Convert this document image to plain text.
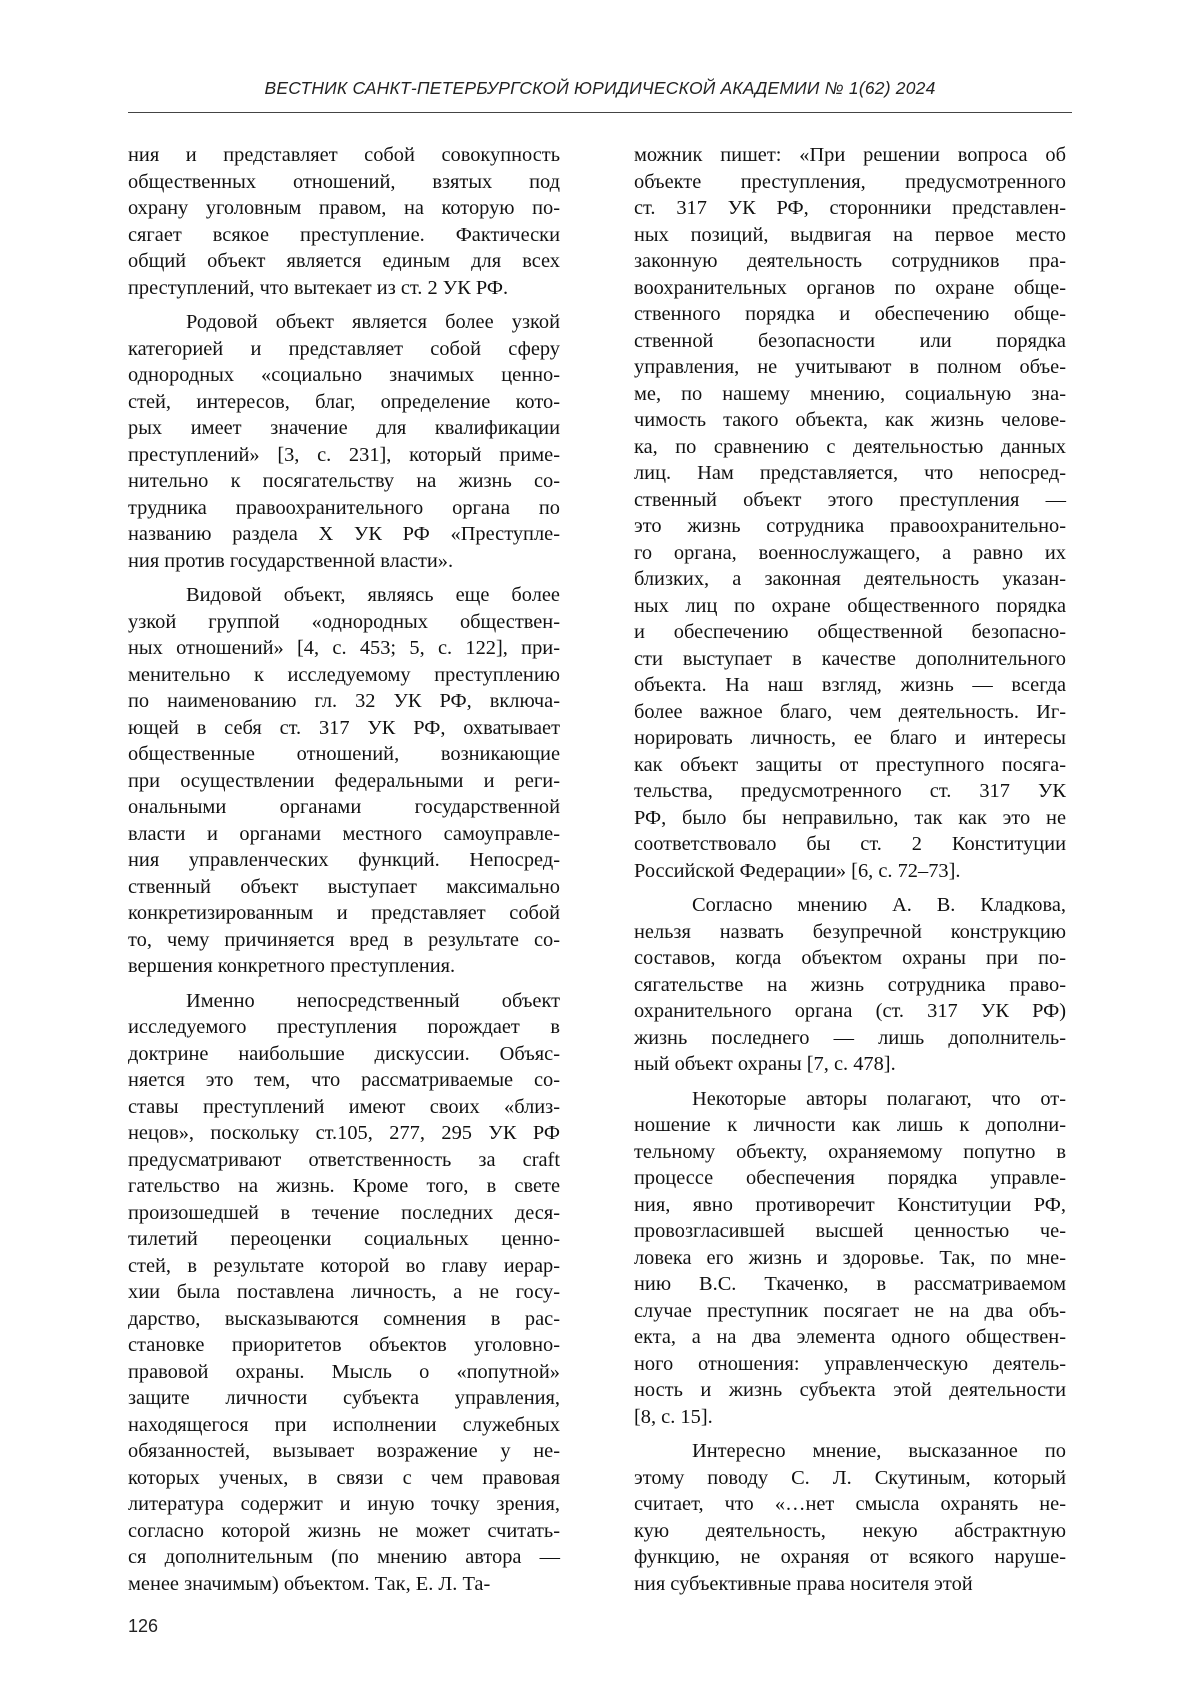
ВЕСТНИК САНКТ-ПЕТЕРБУРГСКОЙ ЮРИДИЧЕСКОЙ АКАДЕМИИ № 1(62) 2024

ния и представляет собой совокупность
общественных отношений, взятых под
охрану уголовным правом, на которую по-
сягает всякое преступление. Фактически
общий объект является единым для всех
преступлений, что вытекает из ст. 2 УК РФ.

Родовой объект является более узкой
категорией и представляет собой сферу
однородных «социально значимых ценно-
стей, интересов, благ, определение кото-
рых имеет значение для квалификации
преступлений» [3, с. 231], который приме-
нительно к посягательству на жизнь со-
трудника правоохранительного органа по
названию раздела X УК РФ «Преступле-
ния против государственной власти».

Видовой объект, являясь еще более
узкой группой «однородных обществен-
ных отношений» [4, с. 453; 5, с. 122], при-
менительно к исследуемому преступлению
по наименованию гл. 32 УК РФ, включа-
ющей в себя ст. 317 УК РФ, охватывает
общественные отношений, возникающие
при осуществлении федеральными и реги-
ональными органами государственной
власти и органами местного самоуправле-
ния управленческих функций. Непосред-
ственный объект выступает максимально
конкретизированным и представляет собой
то, чему причиняется вред в результате со-
вершения конкретного преступления.

Именно непосредственный объект
исследуемого преступления порождает в
доктрине наибольшие дискуссии. Объяс-
няется это тем, что рассматриваемые со-
ставы преступлений имеют своих «близ-
нецов», поскольку ст.105, 277, 295 УК РФ
предусматривают ответственность за craft
гательство на жизнь. Кроме того, в свете
произошедшей в течение последних деся-
тилетий переоценки социальных ценно-
стей, в результате которой во главу иерар-
хии была поставлена личность, а не госу-
дарство, высказываются сомнения в рас-
становке приоритетов объектов уголовно-
правовой охраны. Мысль о «попутной»
защите личности субъекта управления,
находящегося при исполнении служебных
обязанностей, вызывает возражение у не-
которых ученых, в связи с чем правовая
литература содержит и иную точку зрения,
согласно которой жизнь не может считать-
ся дополнительным (по мнению автора —
менее значимым) объектом. Так, Е. Л. Та-

можник пишет: «При решении вопроса об
объекте преступления, предусмотренного
ст. 317 УК РФ, сторонники представлен-
ных позиций, выдвигая на первое место
законную деятельность сотрудников пра-
воохранительных органов по охране обще-
ственного порядка и обеспечению обще-
ственной безопасности или порядка
управления, не учитывают в полном объе-
ме, по нашему мнению, социальную зна-
чимость такого объекта, как жизнь челове-
ка, по сравнению с деятельностью данных
лиц. Нам представляется, что непосред-
ственный объект этого преступления —
это жизнь сотрудника правоохранительно-
го органа, военнослужащего, а равно их
близких, а законная деятельность указан-
ных лиц по охране общественного порядка
и обеспечению общественной безопасно-
сти выступает в качестве дополнительного
объекта. На наш взгляд, жизнь — всегда
более важное благо, чем деятельность. Иг-
норировать личность, ее благо и интересы
как объект защиты от преступного посяга-
тельства, предусмотренного ст. 317 УК
РФ, было бы неправильно, так как это не
соответствовало бы ст. 2 Конституции
Российской Федерации» [6, с. 72–73].

Согласно мнению А. В. Кладкова,
нельзя назвать безупречной конструкцию
составов, когда объектом охраны при по-
сягательстве на жизнь сотрудника право-
охранительного органа (ст. 317 УК РФ)
жизнь последнего — лишь дополнитель-
ный объект охраны [7, с. 478].

Некоторые авторы полагают, что от-
ношение к личности как лишь к дополни-
тельному объекту, охраняемому попутно в
процессе обеспечения порядка управле-
ния, явно противоречит Конституции РФ,
провозгласившей высшей ценностью че-
ловека его жизнь и здоровье. Так, по мне-
нию В.С. Ткаченко, в рассматриваемом
случае преступник посягает не на два объ-
екта, а на два элемента одного обществен-
ного отношения: управленческую деятель-
ность и жизнь субъекта этой деятельности
[8, с. 15].

Интересно мнение, высказанное по
этому поводу С. Л. Скутиным, который
считает, что «…нет смысла охранять не-
кую деятельность, некую абстрактную
функцию, не охраняя от всякого наруше-
ния субъективные права носителя этой

126
